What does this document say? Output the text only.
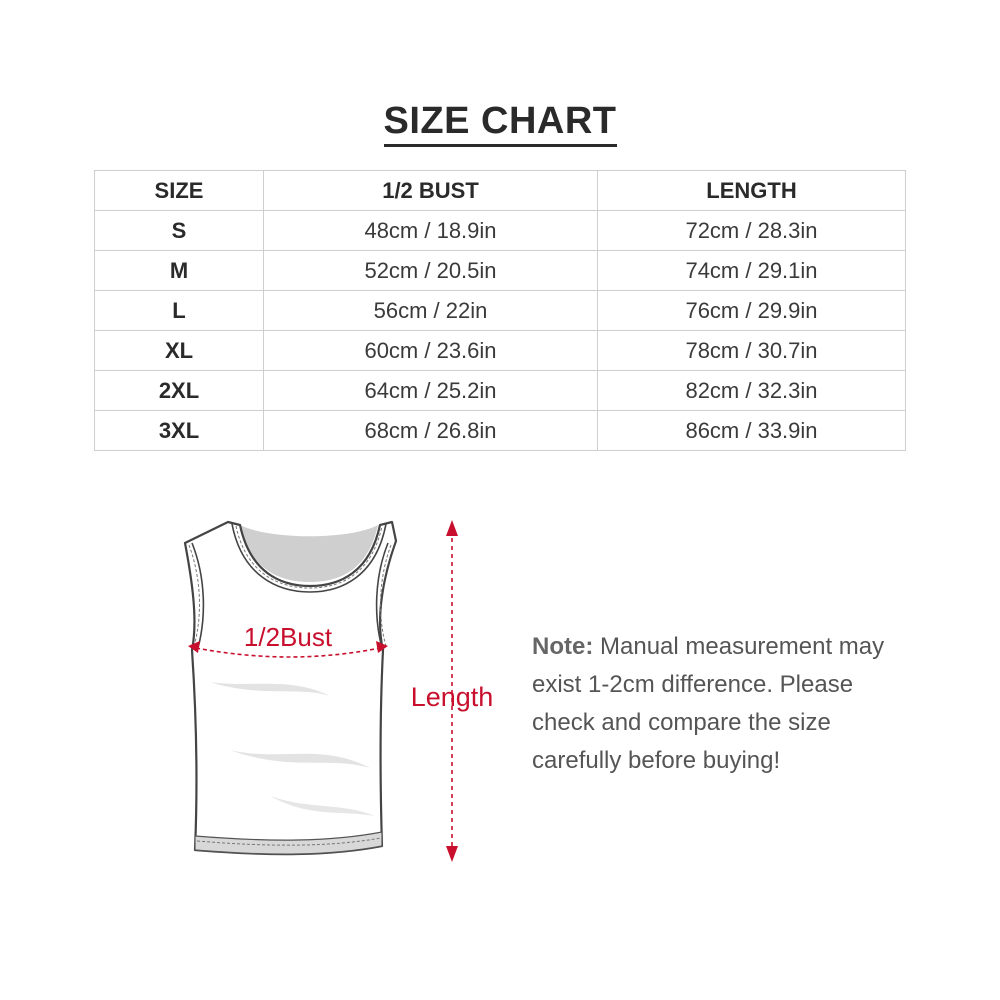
SIZE CHART
SIZE	1/2 BUST	LENGTH
S	48cm / 18.9in	72cm / 28.3in
M	52cm / 20.5in	74cm / 29.1in
L	56cm / 22in	76cm / 29.9in
XL	60cm / 23.6in	78cm / 30.7in
2XL	64cm / 25.2in	82cm / 32.3in
3XL	68cm / 26.8in	86cm / 33.9in
1/2Bust
Length
Note: Manual measurement may exist 1-2cm difference. Please check and compare the size carefully before buying!
